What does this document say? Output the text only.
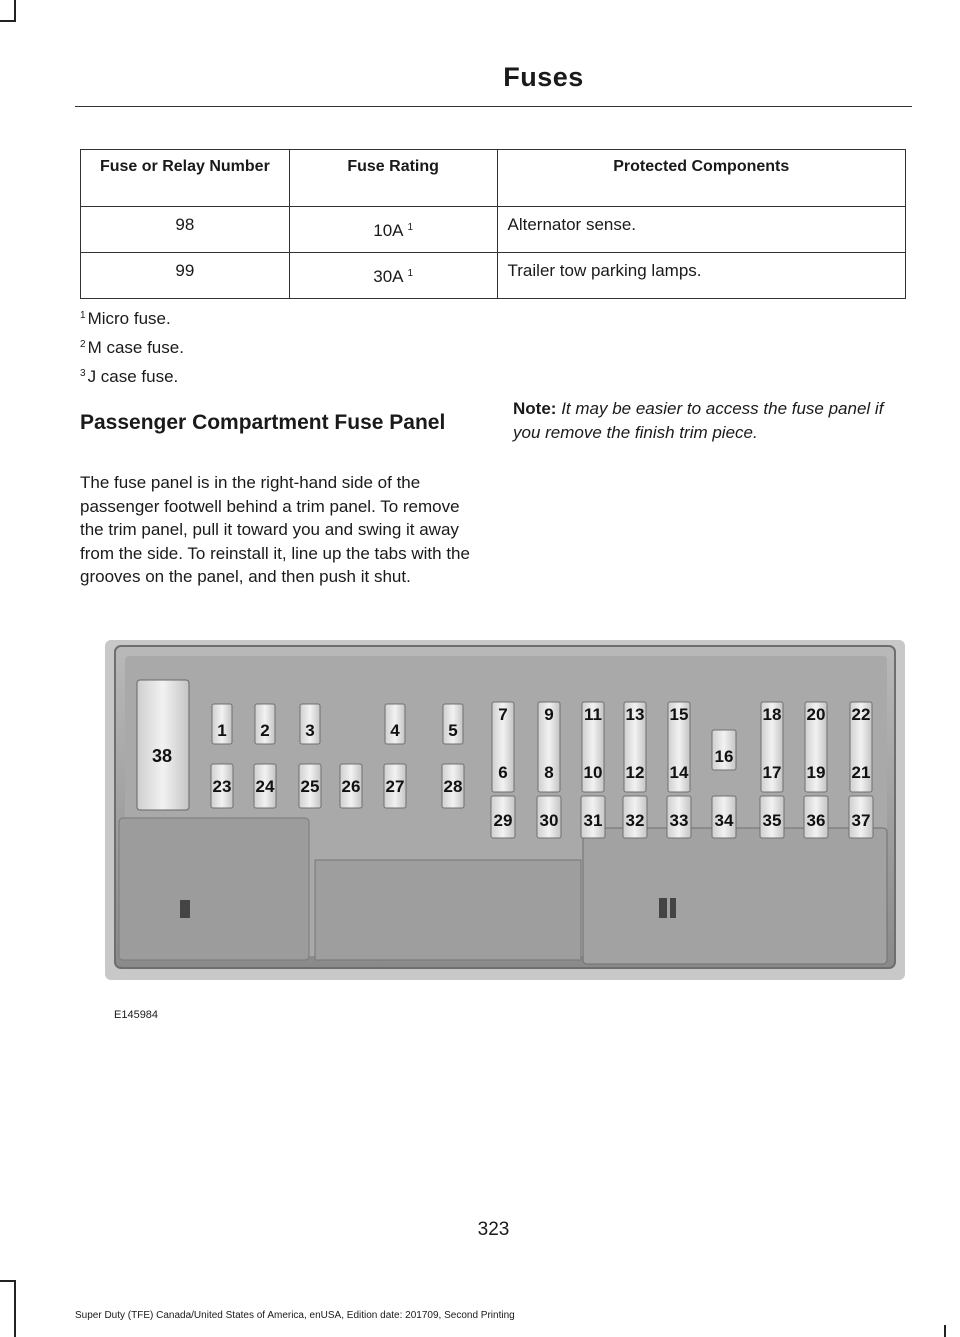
Fuses
Fuse or Relay Number	Fuse Rating	Protected Components
98	10A $^1$	Alternator sense.
99	30A $^1$	Trailer tow parking lamps.
$^1$ Micro fuse.
$^2$ M case fuse.
$^3$ J case fuse.
Passenger Compartment Fuse Panel
The fuse panel is in the right-hand side of the passenger footwell behind a trim panel. To remove the trim panel, pull it toward you and swing it away from the side. To reinstall it, line up the tabs with the grooves on the panel, and then push it shut.
Note: It may be easier to access the fuse panel if you remove the finish trim piece.
38
1 2 3	4	5
23 24 25 26 27 28
7
6
29
9
8
30
11
10
31
13
12
32
15
14
33
16
34
18
17
35
20
19
36
22
21
37
E145984
323
Super Duty (TFE) Canada/United States of America, enUSA, Edition date: 201709, Second Printing
